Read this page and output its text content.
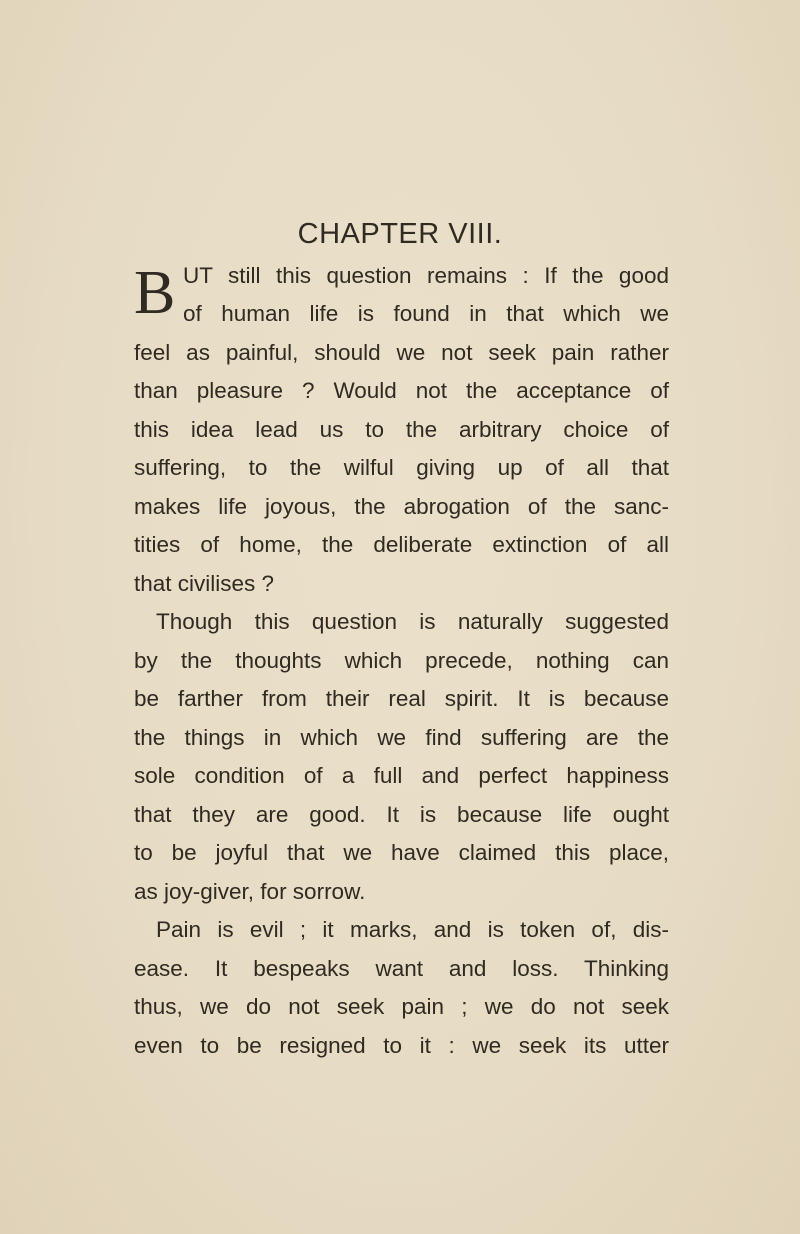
CHAPTER VIII.
B UT still this question remains : If the good
of human life is found in that which we
feel as painful, should we not seek pain rather
than pleasure ? Would not the acceptance of
this idea lead us to the arbitrary choice of
suffering, to the wilful giving up of all that
makes life joyous, the abrogation of the sanc-
tities of home, the deliberate extinction of all
that civilises ?
Though this question is naturally suggested
by the thoughts which precede, nothing can
be farther from their real spirit. It is because
the things in which we find suffering are the
sole condition of a full and perfect happiness
that they are good. It is because life ought
to be joyful that we have claimed this place,
as joy-giver, for sorrow.
Pain is evil ; it marks, and is token of, dis-
ease. It bespeaks want and loss. Thinking
thus, we do not seek pain ; we do not seek
even to be resigned to it : we seek its utter
